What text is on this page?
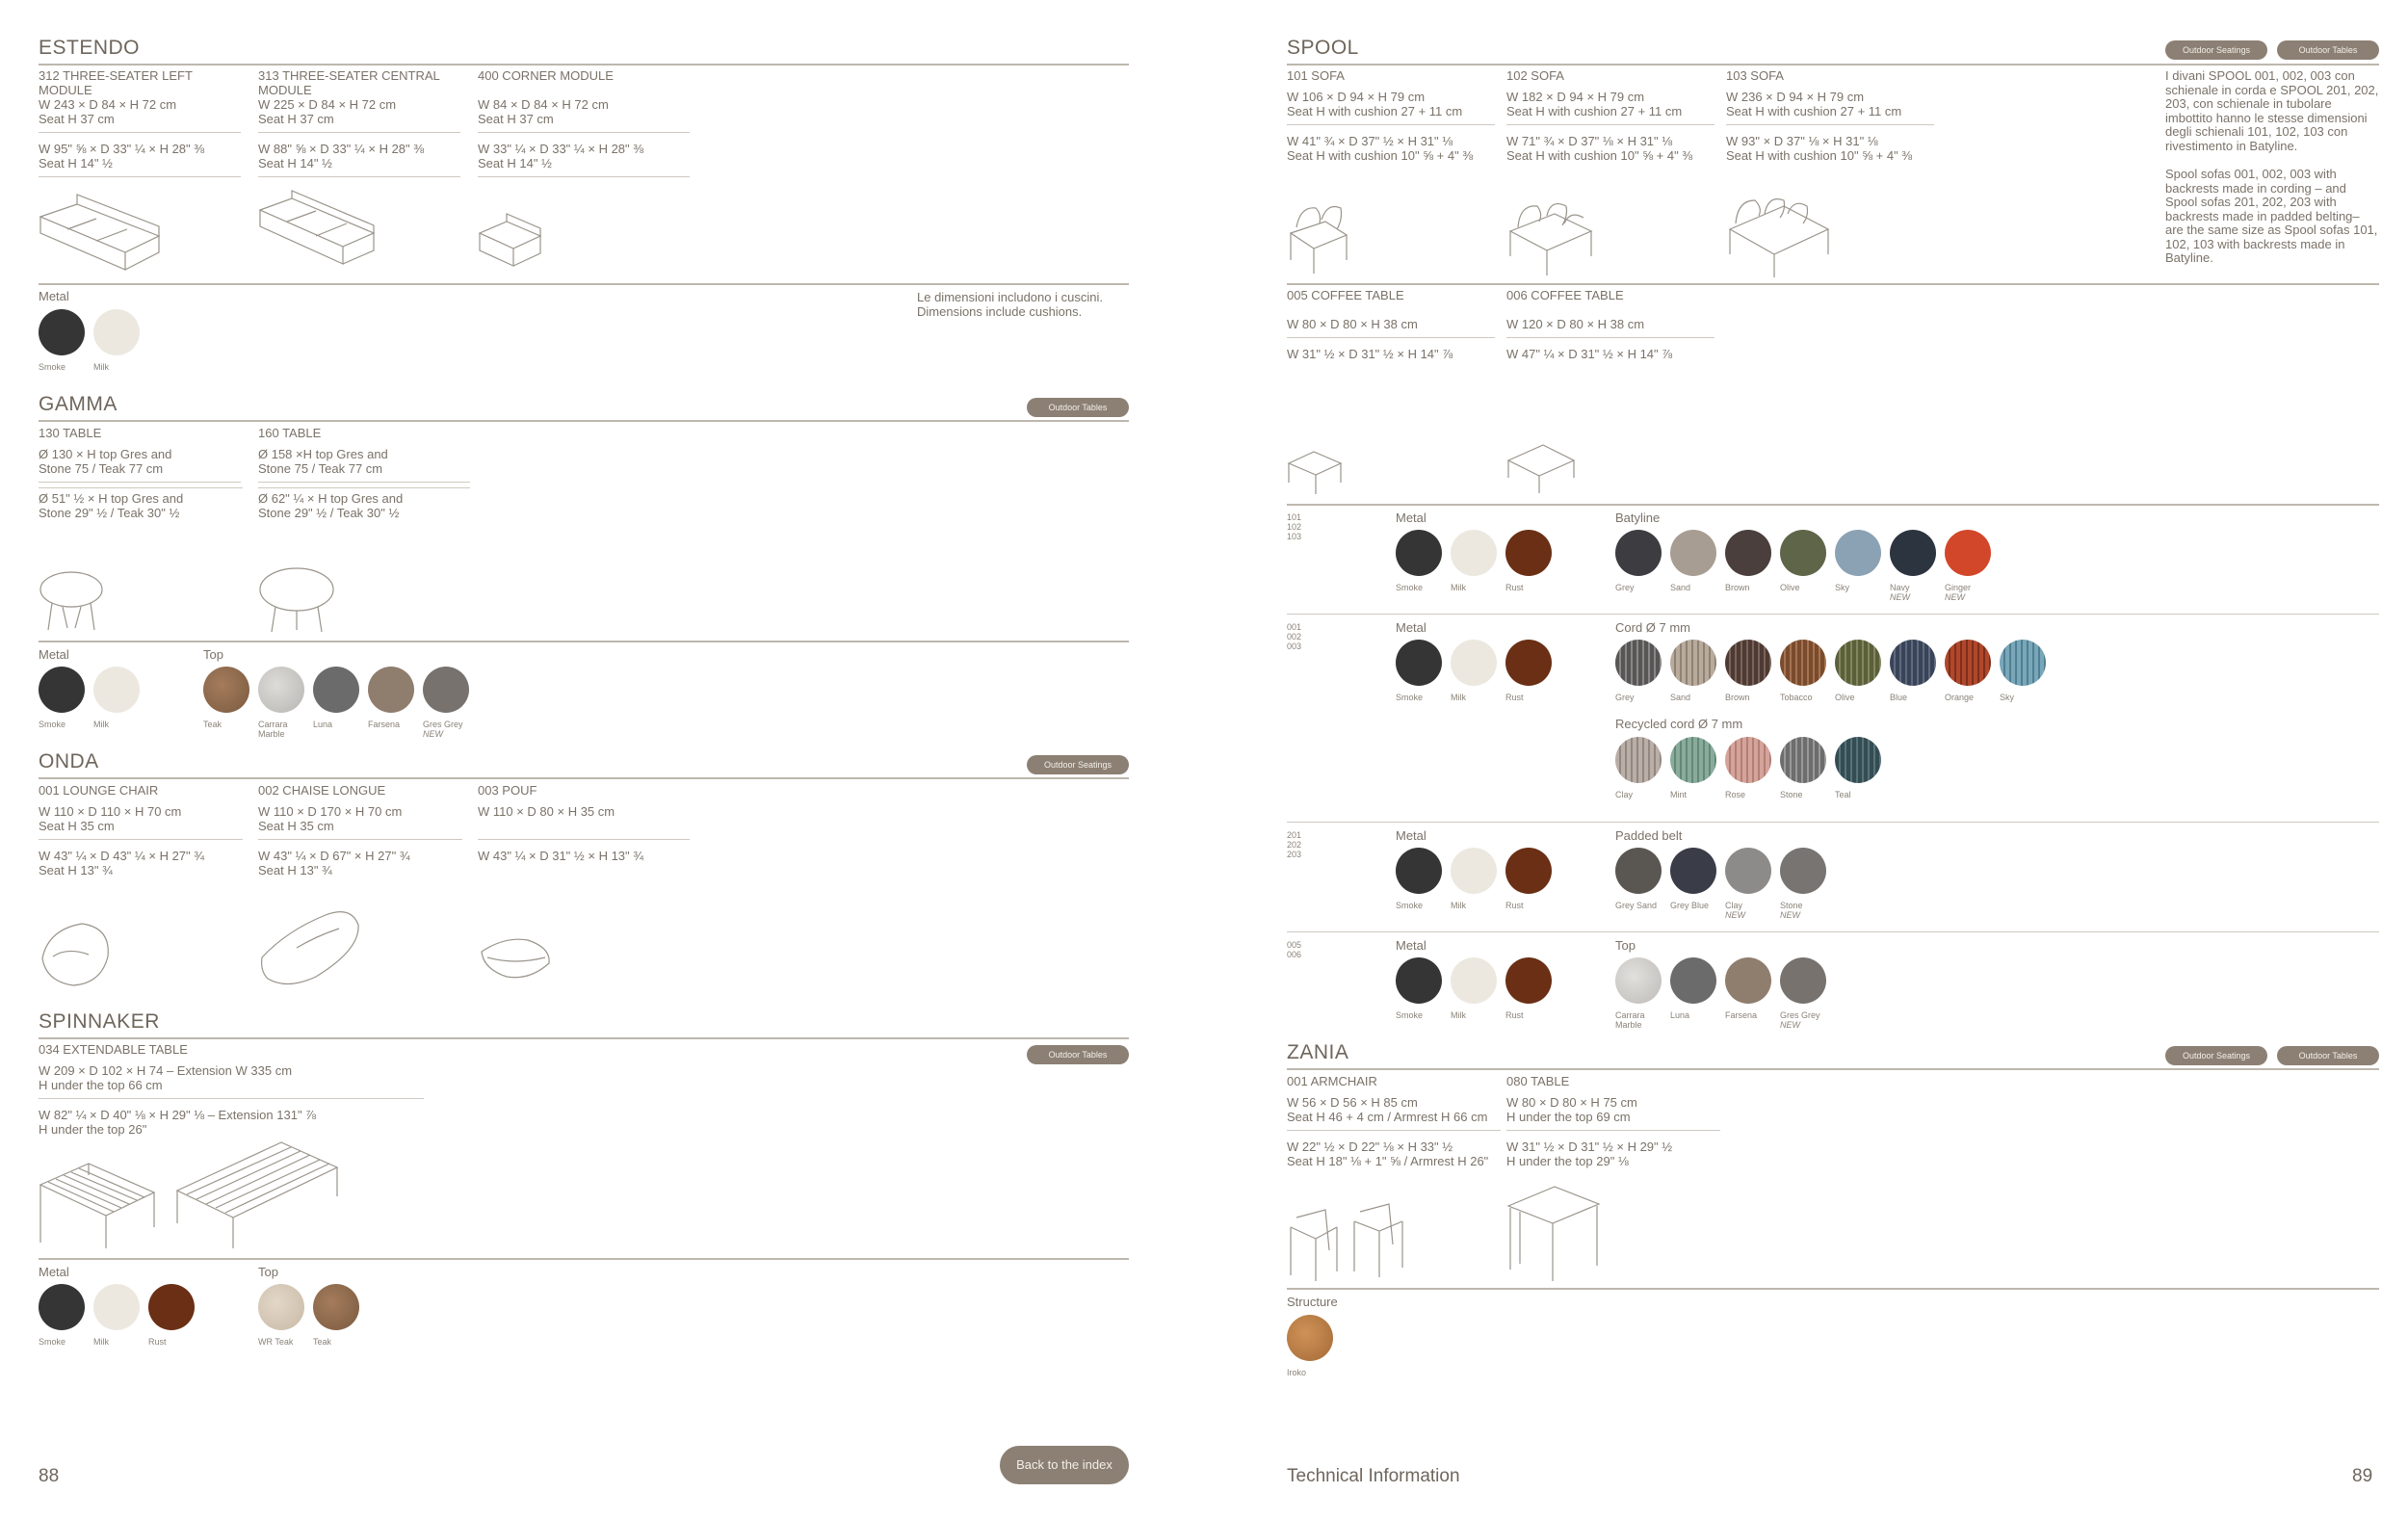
ESTENDO
312 THREE-SEATER LEFT MODULE
W 243 × D 84 × H 72 cm
Seat H 37 cm
W 95" ⅝ × D 33" ¼ × H 28" ⅜
Seat H 14" ½
313 THREE-SEATER CENTRAL MODULE
W 225 × D 84 × H 72 cm
Seat H 37 cm
W 88" ⅝ × D 33" ¼ × H 28" ⅜
Seat H 14" ½
400 CORNER MODULE
W 84 × D 84 × H 72 cm
Seat H 37 cm
W 33" ¼ × D 33" ¼ × H 28" ⅜
Seat H 14" ½
Metal
Smoke	Milk
Le dimensioni includono i cuscini.
Dimensions include cushions.
GAMMA	Outdoor Tables
130 TABLE
Ø 130 × H top Gres and
Stone 75 / Teak 77 cm
Ø 51" ½ × H top Gres and
Stone 29" ½ / Teak 30" ½
160 TABLE
Ø 158 ×H top Gres and
Stone 75 / Teak 77 cm
Ø 62" ¼ × H top Gres and
Stone 29" ½ / Teak 30" ½
Metal	Top
Smoke	Milk	Teak	Carrara
Marble
Luna	Farsena	Gres Grey
NEW
ONDA	Outdoor Seatings
001 LOUNGE CHAIR
W 110 × D 110 × H 70 cm
Seat H 35 cm
W 43" ¼ × D 43" ¼ × H 27" ¾
Seat H 13" ¾
002 CHAISE LONGUE
W 110 × D 170 × H 70 cm
Seat H 35 cm
W 43" ¼ × D 67" × H 27" ¾
Seat H 13" ¾
003 POUF
W 110 × D 80 × H 35 cm
W 43" ¼ × D 31" ½ × H 13" ¾
SPINNAKER
Outdoor Tables
034 EXTENDABLE TABLE
W 209 × D 102 × H 74 – Extension W 335 cm
H under the top 66 cm
W 82" ¼ × D 40" ⅛ × H 29" ⅛ – Extension 131" ⅞
H under the top 26"
Metal	Top
Smoke	Milk	Rust	WR Teak	Teak
88
Back to the index
SPOOL	Outdoor Seatings	Outdoor Tables
101 SOFA
W 106 × D 94 × H 79 cm
Seat H with cushion 27 + 11 cm
W 41" ¾ × D 37" ½ × H 31" ⅛
Seat H with cushion 10" ⅝ + 4" ⅜
102 SOFA
W 182 × D 94 × H 79 cm
Seat H with cushion 27 + 11 cm
W 71" ¾ × D 37" ⅛ × H 31" ⅛
Seat H with cushion 10" ⅝ + 4" ⅜
103 SOFA
W 236 × D 94 × H 79 cm
Seat H with cushion 27 + 11 cm
W 93" × D 37" ⅛ × H 31" ⅛
Seat H with cushion 10" ⅝ + 4" ⅜
I divani SPOOL 001, 002, 003 con schienale in corda e SPOOL 201, 202, 203, con schienale in tubolare imbottito hanno le stesse dimensioni degli schienali 101, 102, 103 con rivestimento in Batyline.
Spool sofas 001, 002, 003 with backrests made in cording – and Spool sofas 201, 202, 203 with backrests made in padded belting– are the same size as Spool sofas 101, 102, 103 with backrests made in Batyline.
005 COFFEE TABLE
W 80 × D 80 × H 38 cm
W 31" ½ × D 31" ½ × H 14" ⅞
006 COFFEE TABLE
W 120 × D 80 × H 38 cm
W 47" ¼ × D 31" ½ × H 14" ⅞
101
102
103
Metal	Batyline
Smoke	Milk	Rust	Grey	Sand	Brown	Olive	Sky	Navy
NEW
Ginger
NEW
001
002
003
Metal	Cord Ø 7 mm
Smoke	Milk	Rust	Grey	Sand	Brown	Tobacco	Olive	Blue	Orange	Sky
Recycled cord Ø 7 mm
Clay	Mint	Rose	Stone	Teal
201
202
203
Metal	Padded belt
Smoke	Milk	Rust	Grey Sand	Grey Blue	Clay
NEW
Stone
NEW
005
006
Metal	Top
Smoke	Milk	Rust	Carrara
Marble
Luna	Farsena	Gres Grey
NEW
ZANIA	Outdoor Seatings	Outdoor Tables
001 ARMCHAIR
W 56 × D 56 × H 85 cm
Seat H 46 + 4 cm / Armrest H 66 cm
W 22" ½ × D 22" ⅛ × H 33" ½
Seat H 18" ⅛ + 1" ⅝ / Armrest H 26"
080 TABLE
W 80 × D 80 × H 75 cm
H under the top 69 cm
W 31" ½ × D 31" ½ × H 29" ½
H under the top 29" ⅛
Structure
Iroko
Technical Information	89
